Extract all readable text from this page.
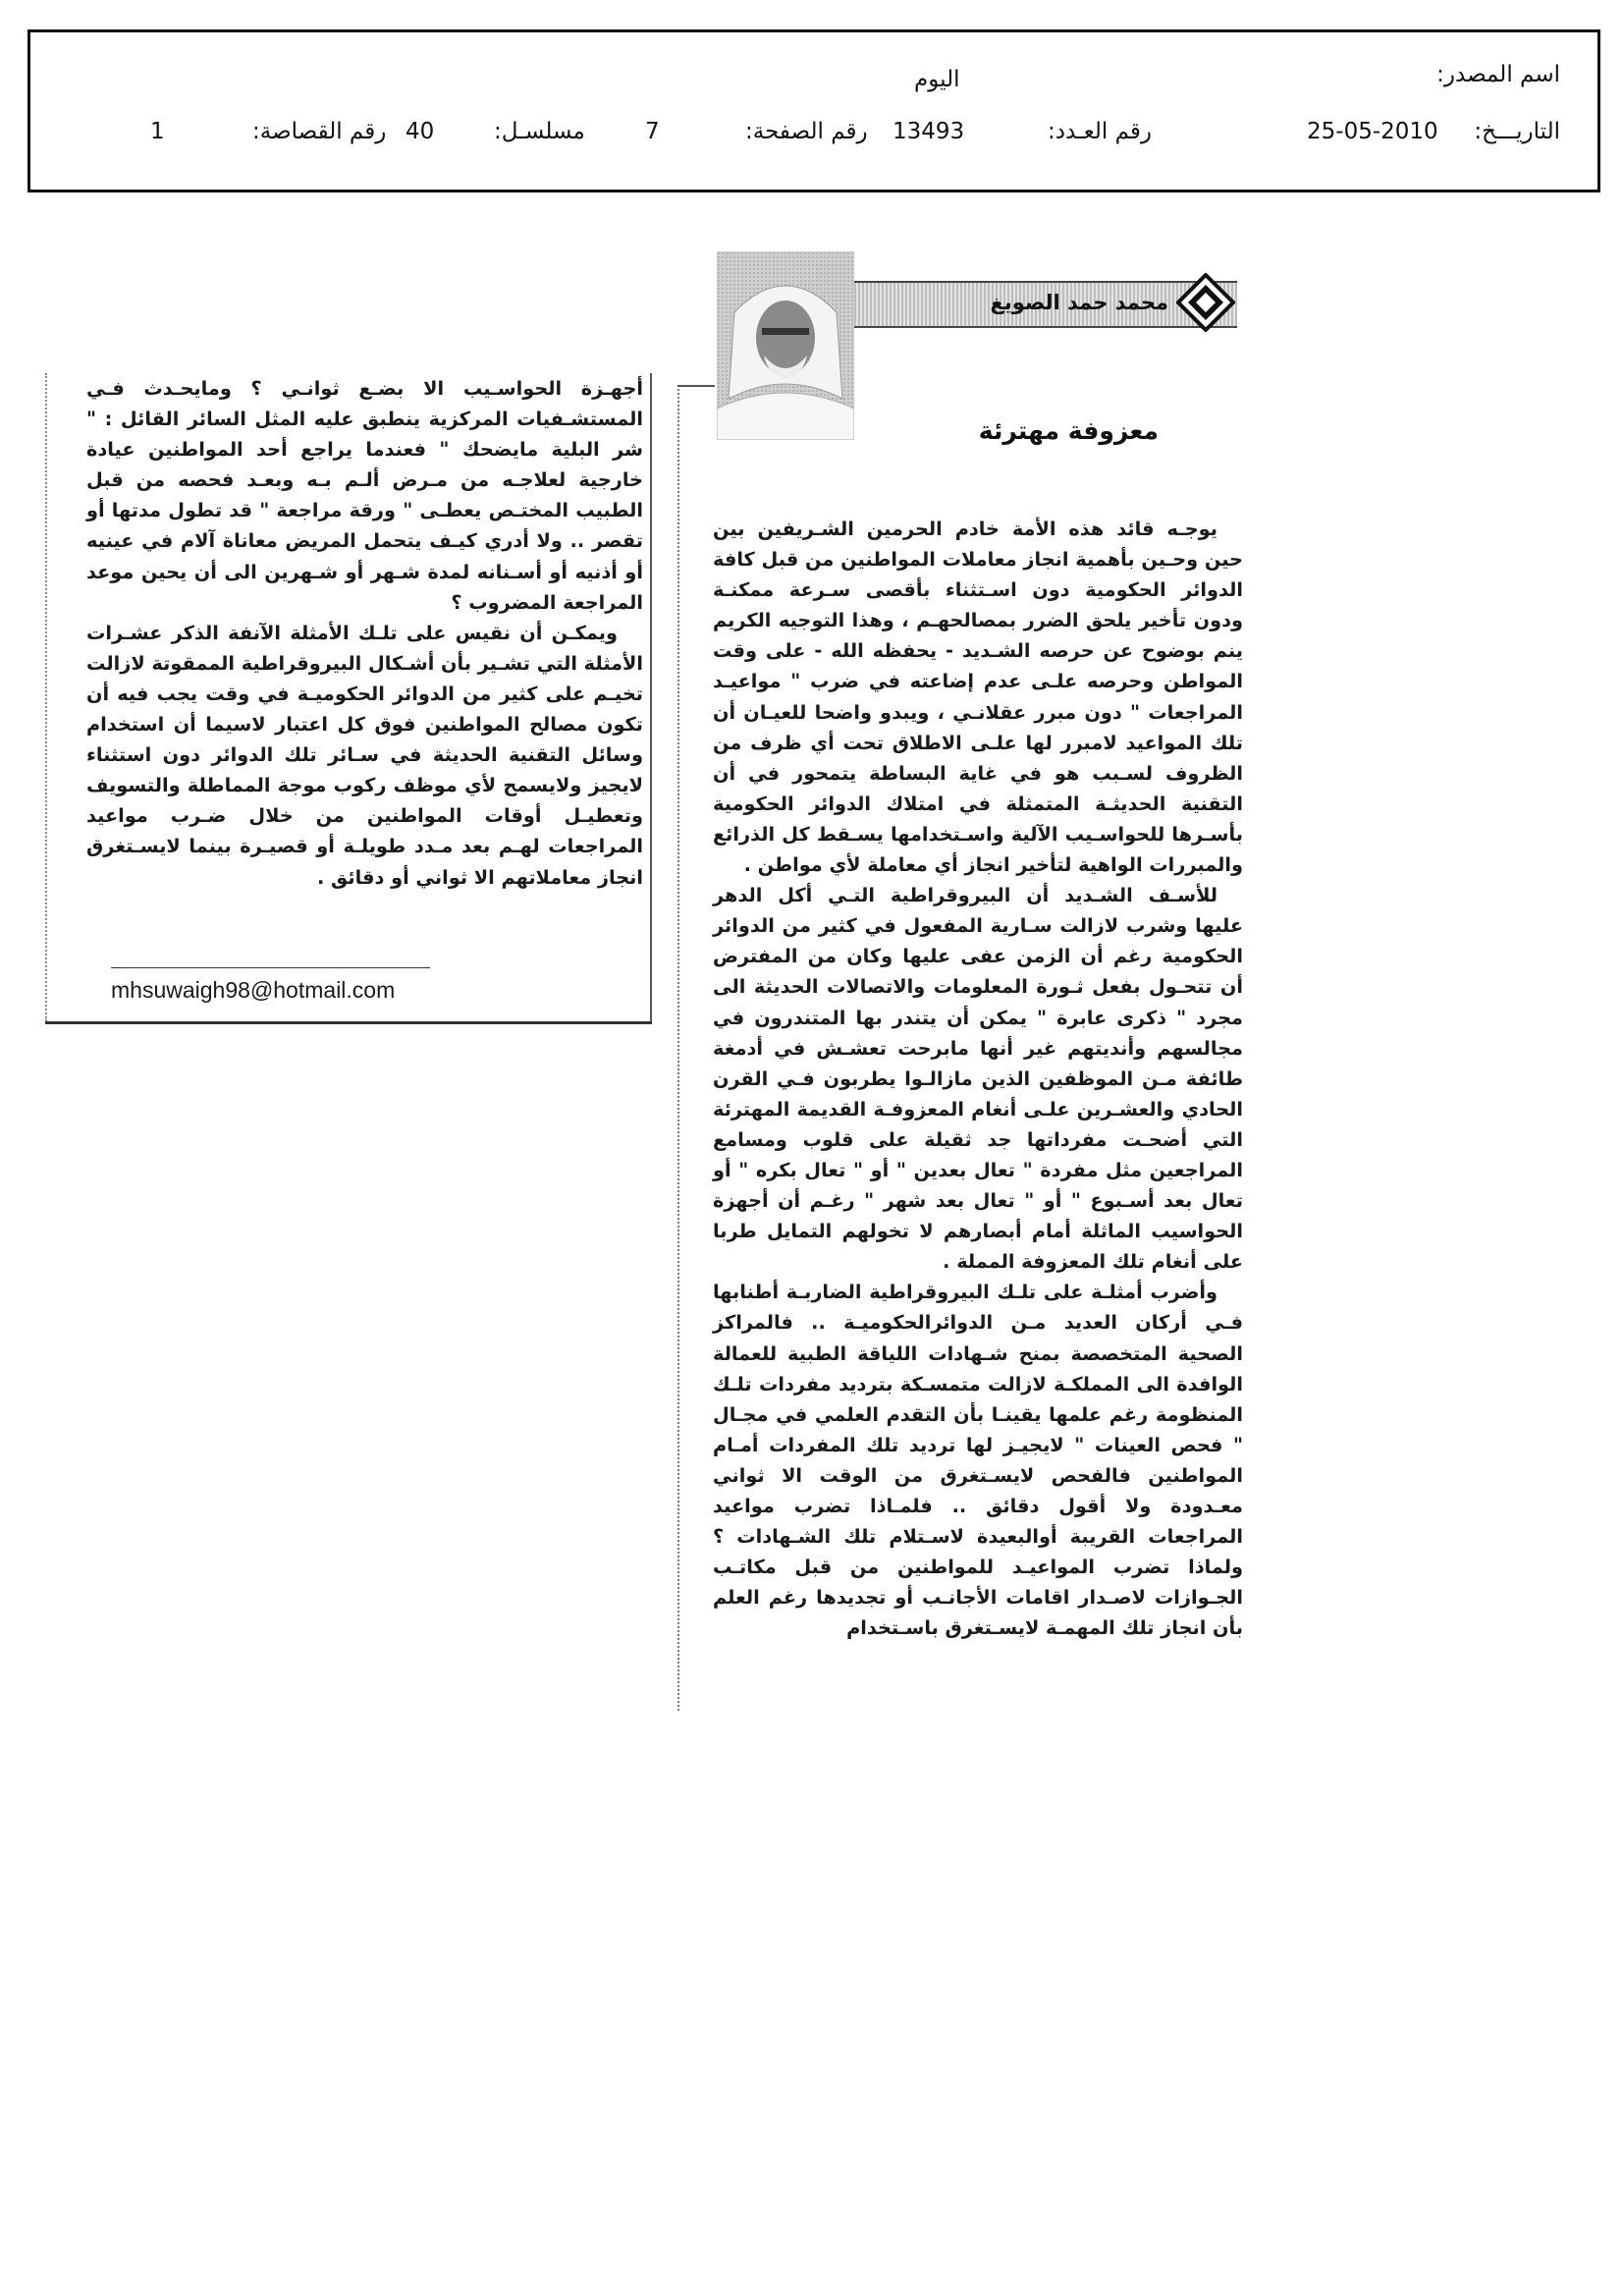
اسم المصدر:
اليوم
التاريـــخ:
25-05-2010
رقم العـدد:
13493
رقم الصفحة:
7
مسلسـل:
40
رقم القصاصة:
1
محمد حمد الصويغ
معزوفة مهترئة

يوجـه قائد هذه الأمة خادم الحرمين الشـريفين بين حين وحـين بأهمية انجاز معاملات المواطنين من قبل كافة الدوائر الحكومية دون اسـتثناء بأقصى سـرعة ممكنـة ودون تأخير يلحق الضرر بمصالحهـم ، وهذا التوجيه الكريم ينم بوضوح عن حرصه الشـديد - يحفظه الله - على وقت المواطن وحرصه علـى عدم إضاعته في ضرب " مواعيـد المراجعات " دون مبرر عقلانـي ، ويبدو واضحا للعيـان أن تلك المواعيد لامبرر لها علـى الاطلاق تحت أي ظرف من الظروف لسـبب هو في غاية البساطة يتمحور في أن التقنية الحديثـة المتمثلة في امتلاك الدوائر الحكومية بأسـرها للحواسـيب الآلية واسـتخدامها يسـقط كل الذرائع والمبررات الواهية لتأخير انجاز أي معاملة لأي مواطن .

للأسـف الشـديد أن البيروقراطية التـي أكل الدهر عليها وشرب لازالت سـارية المفعول في كثير من الدوائر الحكومية رغم أن الزمن عفى عليها وكان من المفترض أن تتحـول بفعل ثـورة المعلومات والاتصالات الحديثة الى مجرد " ذكرى عابرة " يمكن أن يتندر بها المتندرون في مجالسهم وأنديتهم غير أنها مابرحت تعشـش في أدمغة طائفة مـن الموظفين الذين مازالـوا يطربون فـي القرن الحادي والعشـرين علـى أنغام المعزوفـة القديمة المهترئة التي أضحـت مفرداتها جد ثقيلة على قلوب ومسامع المراجعين مثل مفردة " تعال بعدين " أو " تعال بكره " أو تعال بعد أسـبوع " أو " تعال بعد شهر " رغـم أن أجهزة الحواسيب الماثلة أمام أبصارهم لا تخولهم التمايل طربا على أنغام تلك المعزوفة المملة .

وأضرب أمثلـة على تلـك البيروقراطية الضاربـة أطنابها فـي أركان العديد مـن الدوائرالحكوميـة .. فالمراكز الصحية المتخصصة بمنح شـهادات اللياقة الطبية للعمالة الوافدة الى المملكـة لازالت متمسـكة بترديد مفردات تلـك المنظومة رغم علمها يقينـا بأن التقدم العلمي في مجـال " فحص العينات " لايجيـز لها ترديد تلك المفردات أمـام المواطنين فالفحص لايسـتغرق من الوقت الا ثواني معـدودة ولا أقول دقائق .. فلمـاذا تضرب مواعيد المراجعات القريبة أوالبعيدة لاسـتلام تلك الشـهادات ؟ ولماذا تضرب المواعيـد للمواطنين من قبل مكاتـب الجـوازات لاصـدار اقامات الأجانـب أو تجديدها رغم العلم بأن انجاز تلك المهمـة لايسـتغرق باسـتخدام

أجهـزة الحواسـيب الا بضـع ثوانـي ؟ ومايحـدث فـي المستشـفيات المركزية ينطبق عليه المثل السائر القائل : " شر البلية مايضحك " فعندما يراجع أحد المواطنين عيادة خارجية لعلاجـه من مـرض ألـم بـه وبعـد فحصه من قبل الطبيب المختـص يعطـى " ورقة مراجعة " قد تطول مدتها أو تقصر .. ولا أدري كيـف يتحمل المريض معاناة آلام في عينيه أو أذنيه أو أسـنانه لمدة شـهر أو شـهرين الى أن يحين موعد المراجعة المضروب ؟

ويمكـن أن نقيس على تلـك الأمثلة الآنفة الذكر عشـرات الأمثلة التي تشـير بأن أشـكال البيروقراطية الممقوتة لازالت تخيـم على كثير من الدوائر الحكوميـة في وقت يجب فيه أن تكون مصالح المواطنين فوق كل اعتبار لاسيما أن استخدام وسائل التقنية الحديثة في سـائر تلك الدوائر دون استثناء لايجيز ولايسمح لأي موظف ركوب موجة المماطلة والتسويف وتعطيـل أوقات المواطنين من خلال ضـرب مواعيد المراجعات لهـم بعد مـدد طويلـة أو قصيـرة بينما لايسـتغرق انجاز معاملاتهم الا ثواني أو دقائق .

mhsuwaigh98@hotmail.com
